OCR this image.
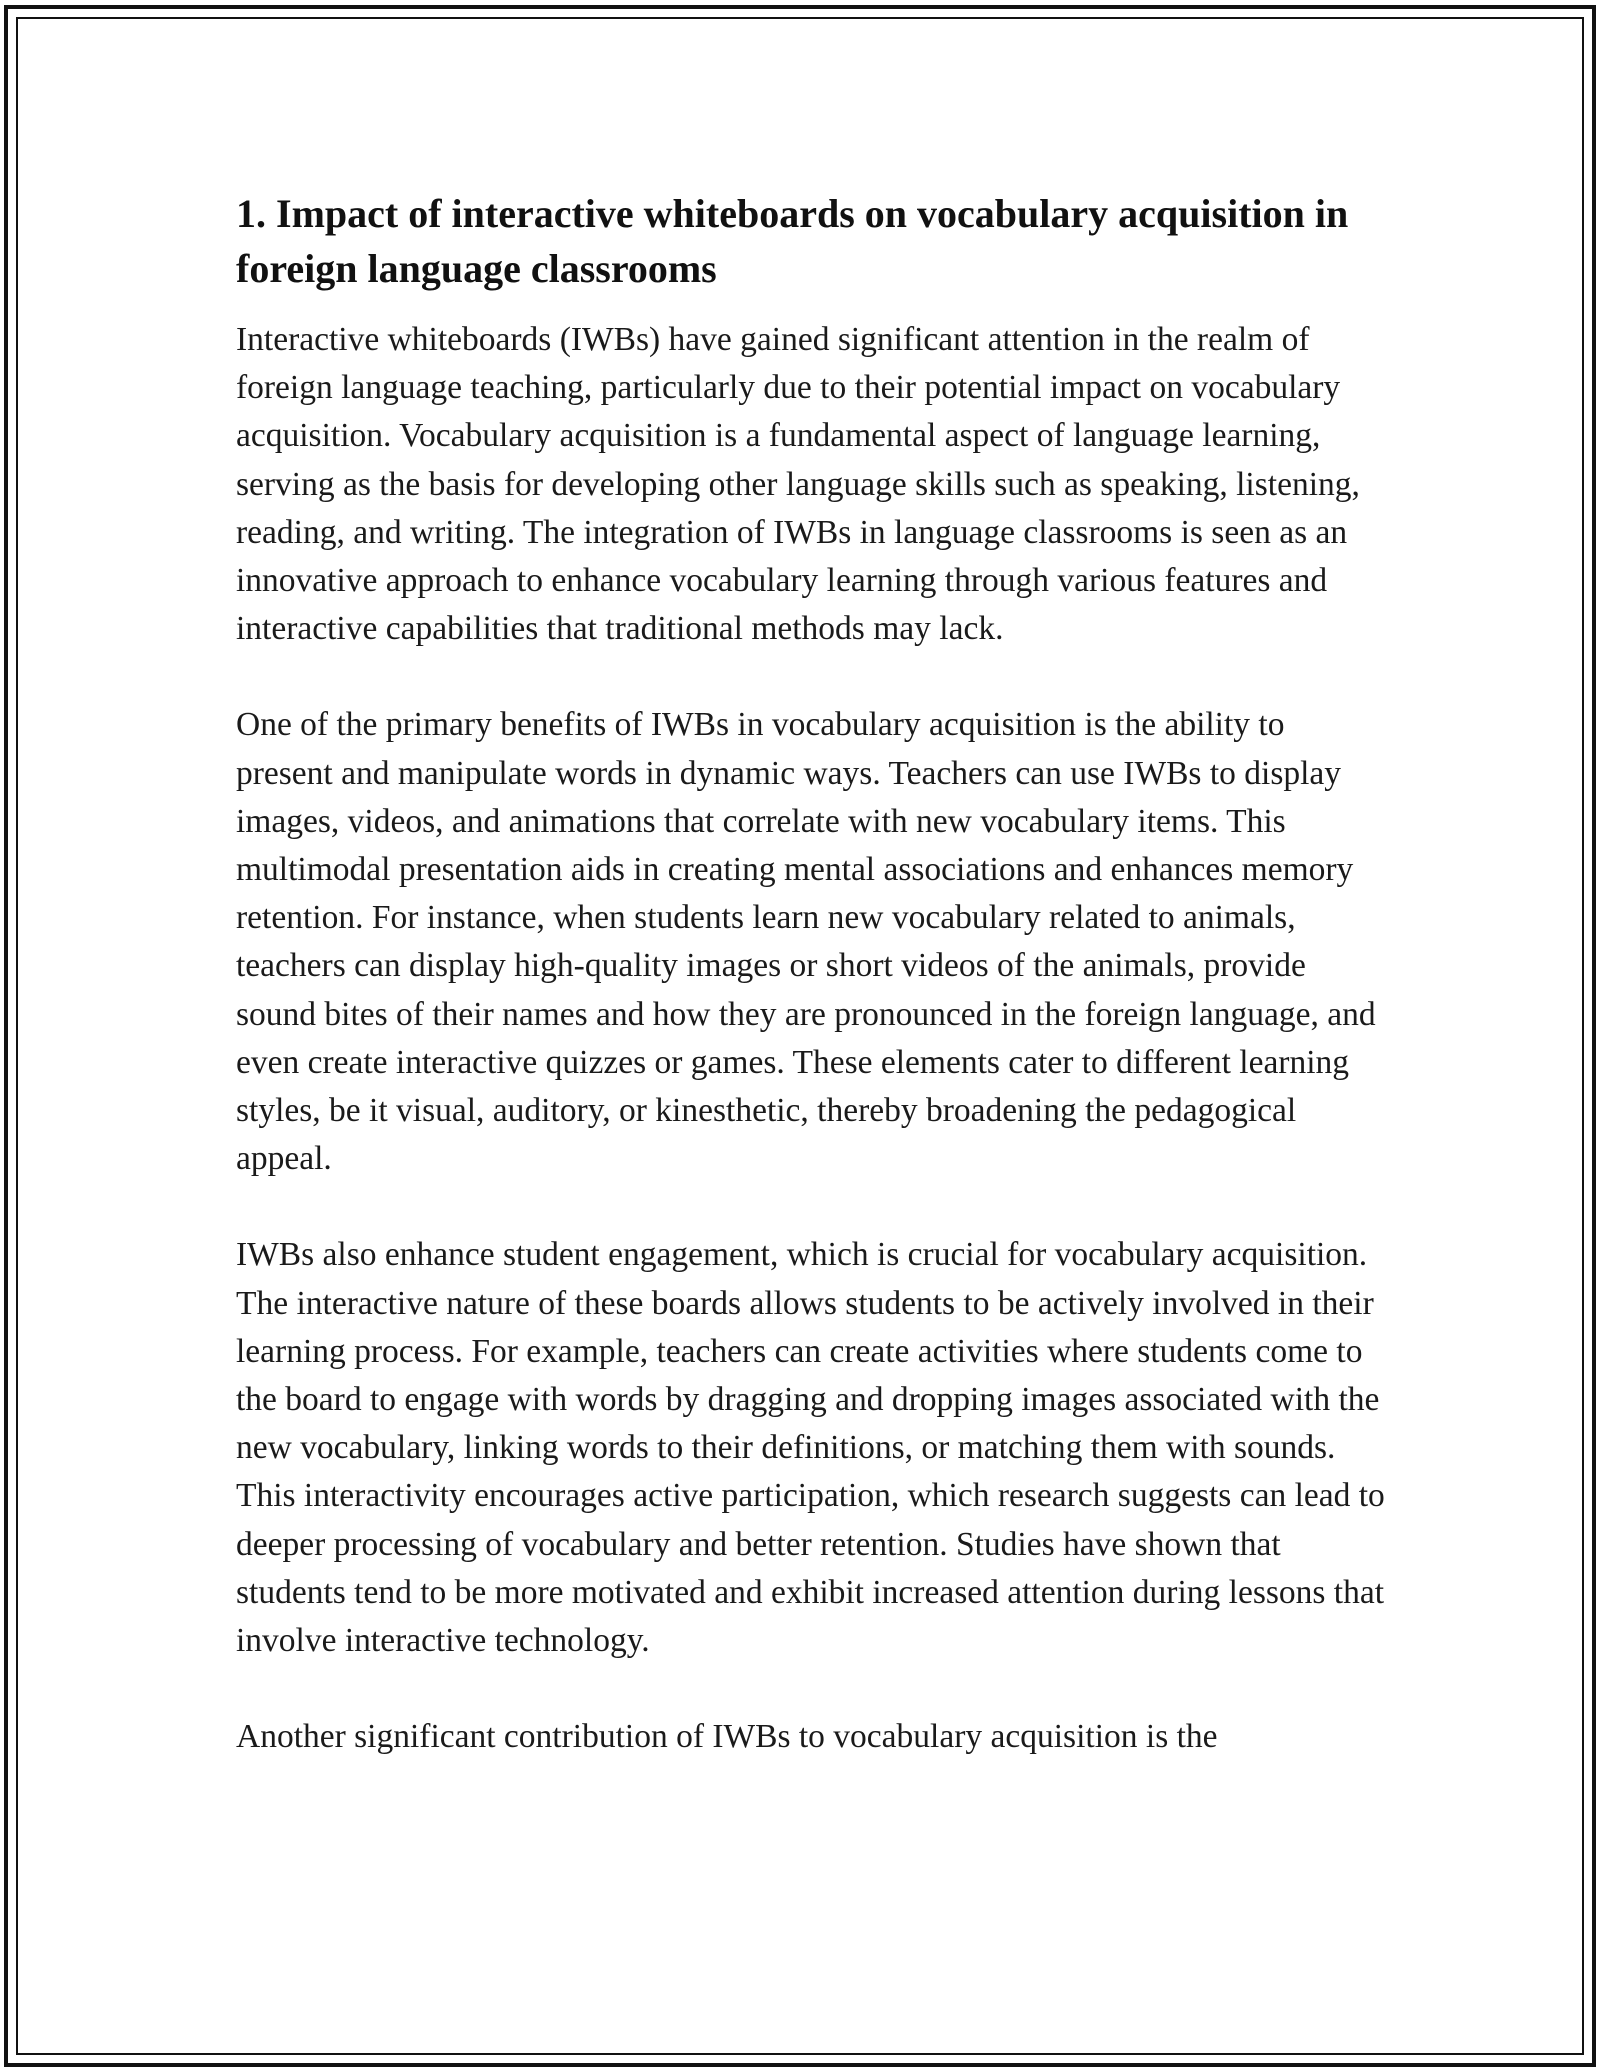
1. Impact of interactive whiteboards on vocabulary acquisition in foreign language classrooms

Interactive whiteboards (IWBs) have gained significant attention in the realm of foreign language teaching, particularly due to their potential impact on vocabulary acquisition. Vocabulary acquisition is a fundamental aspect of language learning, serving as the basis for developing other language skills such as speaking, listening, reading, and writing. The integration of IWBs in language classrooms is seen as an innovative approach to enhance vocabulary learning through various features and interactive capabilities that traditional methods may lack.

One of the primary benefits of IWBs in vocabulary acquisition is the ability to present and manipulate words in dynamic ways. Teachers can use IWBs to display images, videos, and animations that correlate with new vocabulary items. This multimodal presentation aids in creating mental associations and enhances memory retention. For instance, when students learn new vocabulary related to animals, teachers can display high-quality images or short videos of the animals, provide sound bites of their names and how they are pronounced in the foreign language, and even create interactive quizzes or games. These elements cater to different learning styles, be it visual, auditory, or kinesthetic, thereby broadening the pedagogical appeal.

IWBs also enhance student engagement, which is crucial for vocabulary acquisition. The interactive nature of these boards allows students to be actively involved in their learning process. For example, teachers can create activities where students come to the board to engage with words by dragging and dropping images associated with the new vocabulary, linking words to their definitions, or matching them with sounds. This interactivity encourages active participation, which research suggests can lead to deeper processing of vocabulary and better retention. Studies have shown that students tend to be more motivated and exhibit increased attention during lessons that involve interactive technology.

Another significant contribution of IWBs to vocabulary acquisition is the
